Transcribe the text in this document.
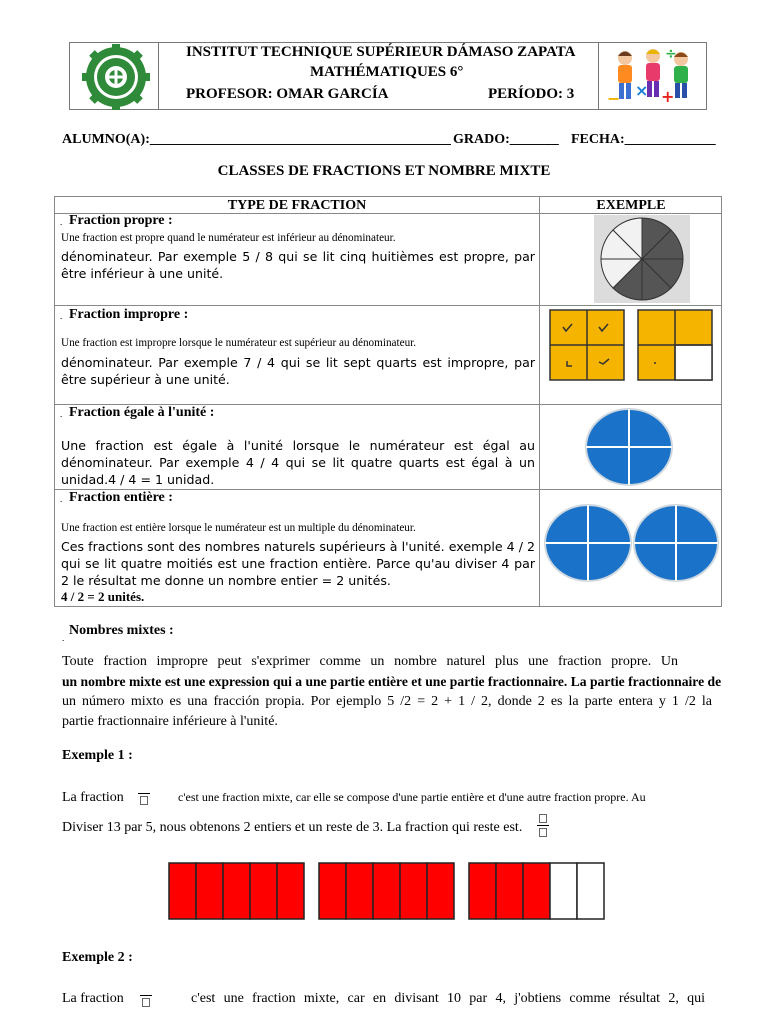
INSTITUT TECHNIQUE SUPÉRIEUR DÁMASO ZAPATA
MATHÉMATIQUES 6°
PROFESOR: OMAR GARCÍA	PERÍODO: 3	× +
÷
−
ALUMNO(A):___________________________________________ GRADO:_______ FECHA:_____________
CLASSES DE FRACTIONS ET NOMBRE MIXTE
TYPE DE FRACTION	EXEMPLE
. Fraction propre :
Une fraction est propre quand le numérateur est inférieur au dénominateur.
dénominateur. Par exemple 5 / 8 qui se lit cinq huitièmes est propre, par être inférieur à une unité.
. Fraction impropre :
Une fraction est impropre lorsque le numérateur est supérieur au dénominateur.
dénominateur. Par exemple 7 / 4 qui se lit sept quarts est impropre, par être supérieur à une unité.
. Fraction égale à l'unité :
Une fraction est égale à l'unité lorsque le numérateur est égal au dénominateur. Par exemple 4 / 4 qui se lit quatre quarts est égal à un unidad.4 / 4 = 1 unidad.
. Fraction entière :
Une fraction est entière lorsque le numérateur est un multiple du dénominateur.
Ces fractions sont des nombres naturels supérieurs à l'unité. exemple 4 / 2 qui se lit quatre moitiés est une fraction entière. Parce qu'au diviser 4 par 2 le résultat me donne un nombre entier = 2 unités.
4 / 2 = 2 unités.
. Nombres mixtes :
Toute fraction impropre peut s'exprimer comme un nombre naturel plus une fraction propre. Un
un nombre mixte est une expression qui a une partie entière et une partie fractionnaire. La partie fractionnaire de
un número mixto es una fracción propia. Por ejemplo 5 /2 = 2 + 1 / 2, donde 2 es la parte entera y 1 /2 la
partie fractionnaire inférieure à l'unité.
Exemple 1 :
La fraction	c'est une fraction mixte, car elle se compose d'une partie entière et d'une autre fraction propre. Au
Diviser 13 par 5, nous obtenons 2 entiers et un reste de 3. La fraction qui reste est.
Exemple 2 :
La fraction	c'est une fraction mixte, car en divisant 10 par 4, j'obtiens comme résultat 2, qui
